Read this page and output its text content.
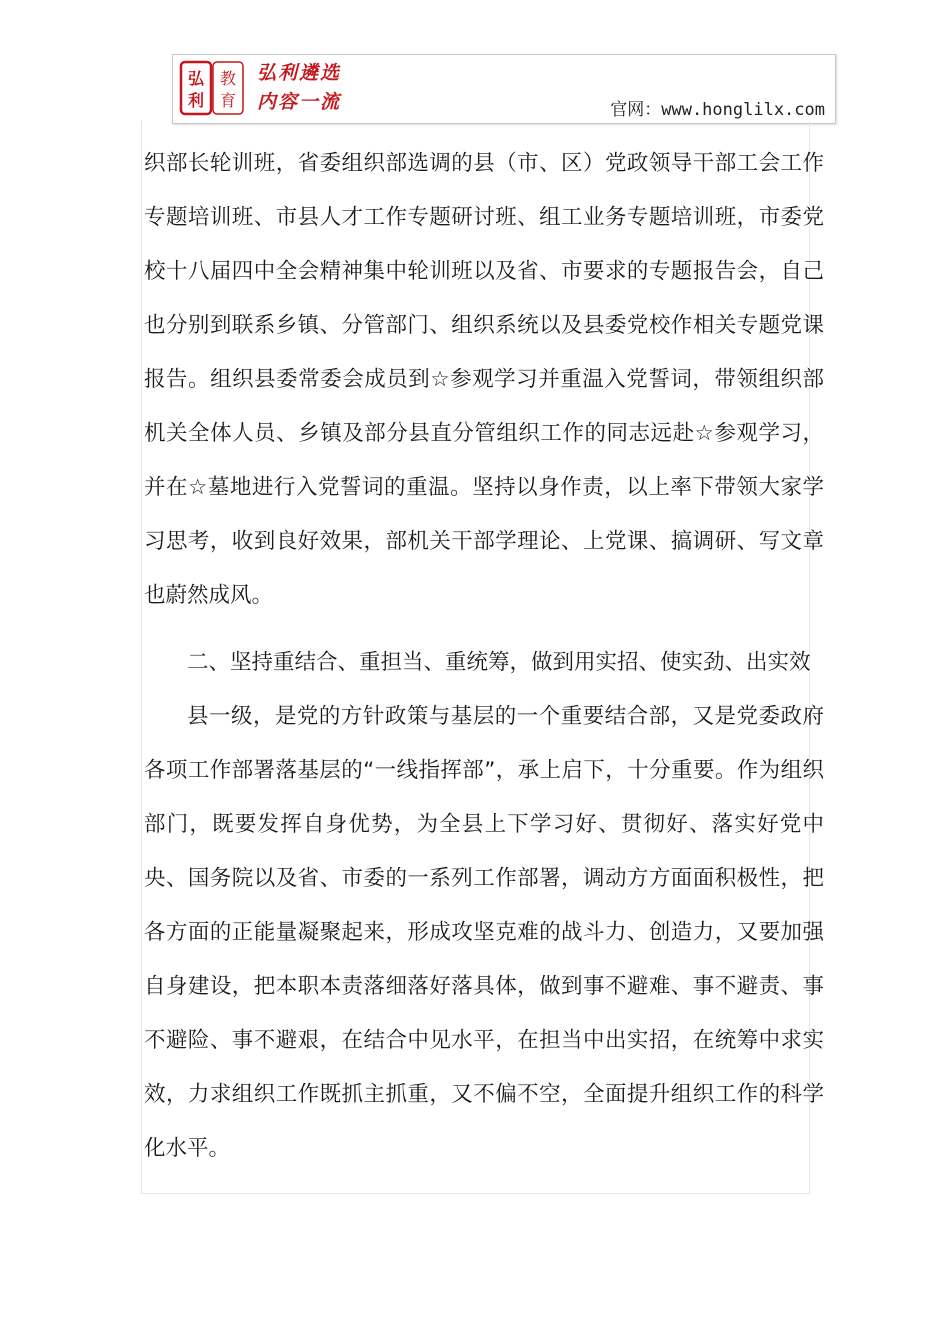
弘
利
教
育
弘利遴选
内容一流	官网：www.honglilx.com

织部长轮训班，省委组织部选调的县（市、区）党政领导干部工会工作专题培训班、市县人才工作专题研讨班、组工业务专题培训班，市委党校十八届四中全会精神集中轮训班以及省、市要求的专题报告会，自己也分别到联系乡镇、分管部门、组织系统以及县委党校作相关专题党课报告。组织县委常委会成员到☆参观学习并重温入党誓词，带领组织部机关全体人员、乡镇及部分县直分管组织工作的同志远赴☆参观学习，并在☆墓地进行入党誓词的重温。坚持以身作责，以上率下带领大家学习思考，收到良好效果，部机关干部学理论、上党课、搞调研、写文章也蔚然成风。

二、坚持重结合、重担当、重统筹，做到用实招、使实劲、出实效

县一级，是党的方针政策与基层的一个重要结合部，又是党委政府各项工作部署落基层的“一线指挥部”，承上启下，十分重要。作为组织部门，既要发挥自身优势，为全县上下学习好、贯彻好、落实好党中央、国务院以及省、市委的一系列工作部署，调动方方面面积极性，把各方面的正能量凝聚起来，形成攻坚克难的战斗力、创造力，又要加强自身建设，把本职本责落细落好落具体，做到事不避难、事不避责、事不避险、事不避艰，在结合中见水平，在担当中出实招，在统筹中求实效，力求组织工作既抓主抓重，又不偏不空，全面提升组织工作的科学化水平。
